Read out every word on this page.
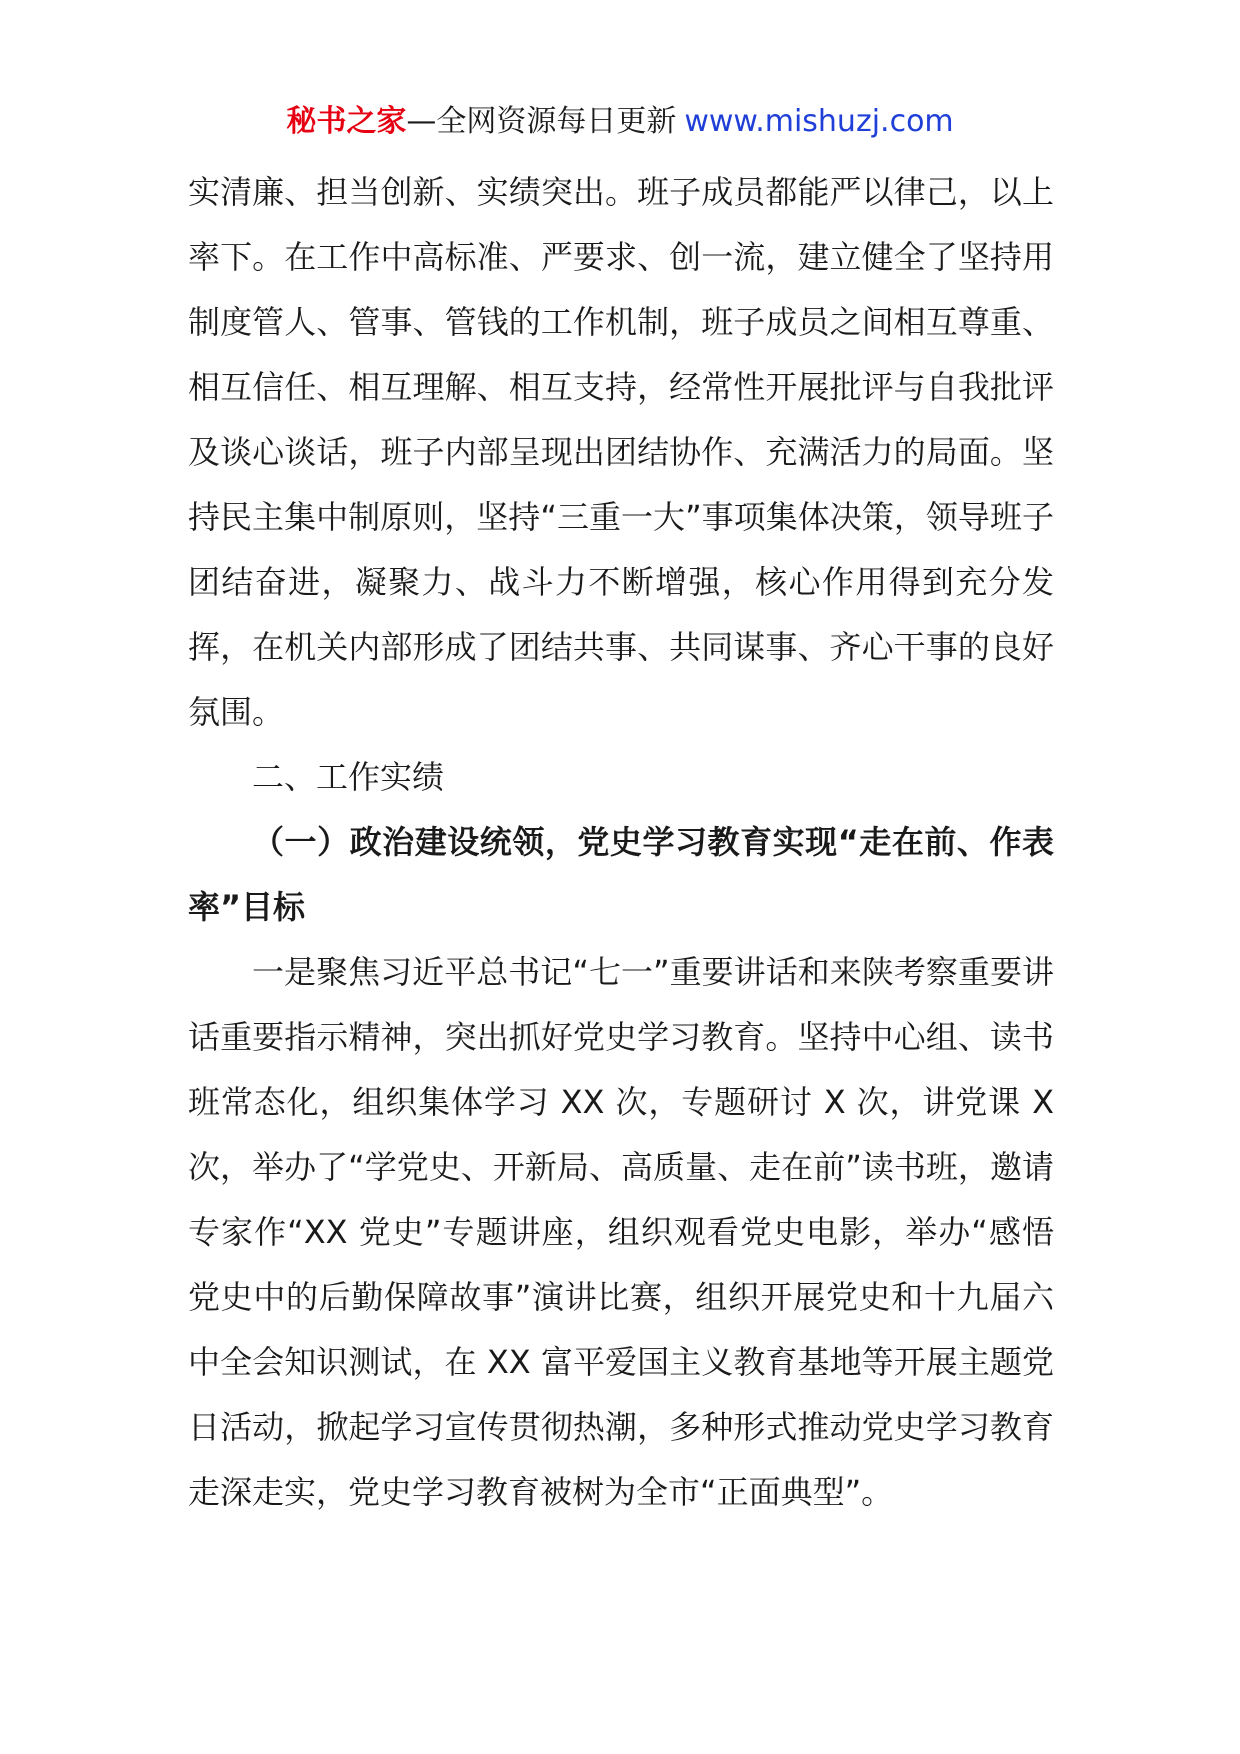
秘书之家—全网资源每日更新 www.mishuzj.com

实清廉、担当创新、实绩突出。班子成员都能严以律己，以上率下。在工作中高标准、严要求、创一流，建立健全了坚持用制度管人、管事、管钱的工作机制，班子成员之间相互尊重、相互信任、相互理解、相互支持，经常性开展批评与自我批评及谈心谈话，班子内部呈现出团结协作、充满活力的局面。坚持民主集中制原则，坚持“三重一大”事项集体决策，领导班子团结奋进，凝聚力、战斗力不断增强，核心作用得到充分发挥，在机关内部形成了团结共事、共同谋事、齐心干事的良好氛围。

二、工作实绩

（一）政治建设统领，党史学习教育实现“走在前、作表率”目标

一是聚焦习近平总书记“七一”重要讲话和来陕考察重要讲话重要指示精神，突出抓好党史学习教育。坚持中心组、读书班常态化，组织集体学习 XX 次，专题研讨 X 次，讲党课 X 次，举办了“学党史、开新局、高质量、走在前”读书班，邀请专家作“XX 党史”专题讲座，组织观看党史电影，举办“感悟党史中的后勤保障故事”演讲比赛，组织开展党史和十九届六中全会知识测试，在 XX 富平爱国主义教育基地等开展主题党日活动，掀起学习宣传贯彻热潮，多种形式推动党史学习教育走深走实，党史学习教育被树为全市“正面典型”。
